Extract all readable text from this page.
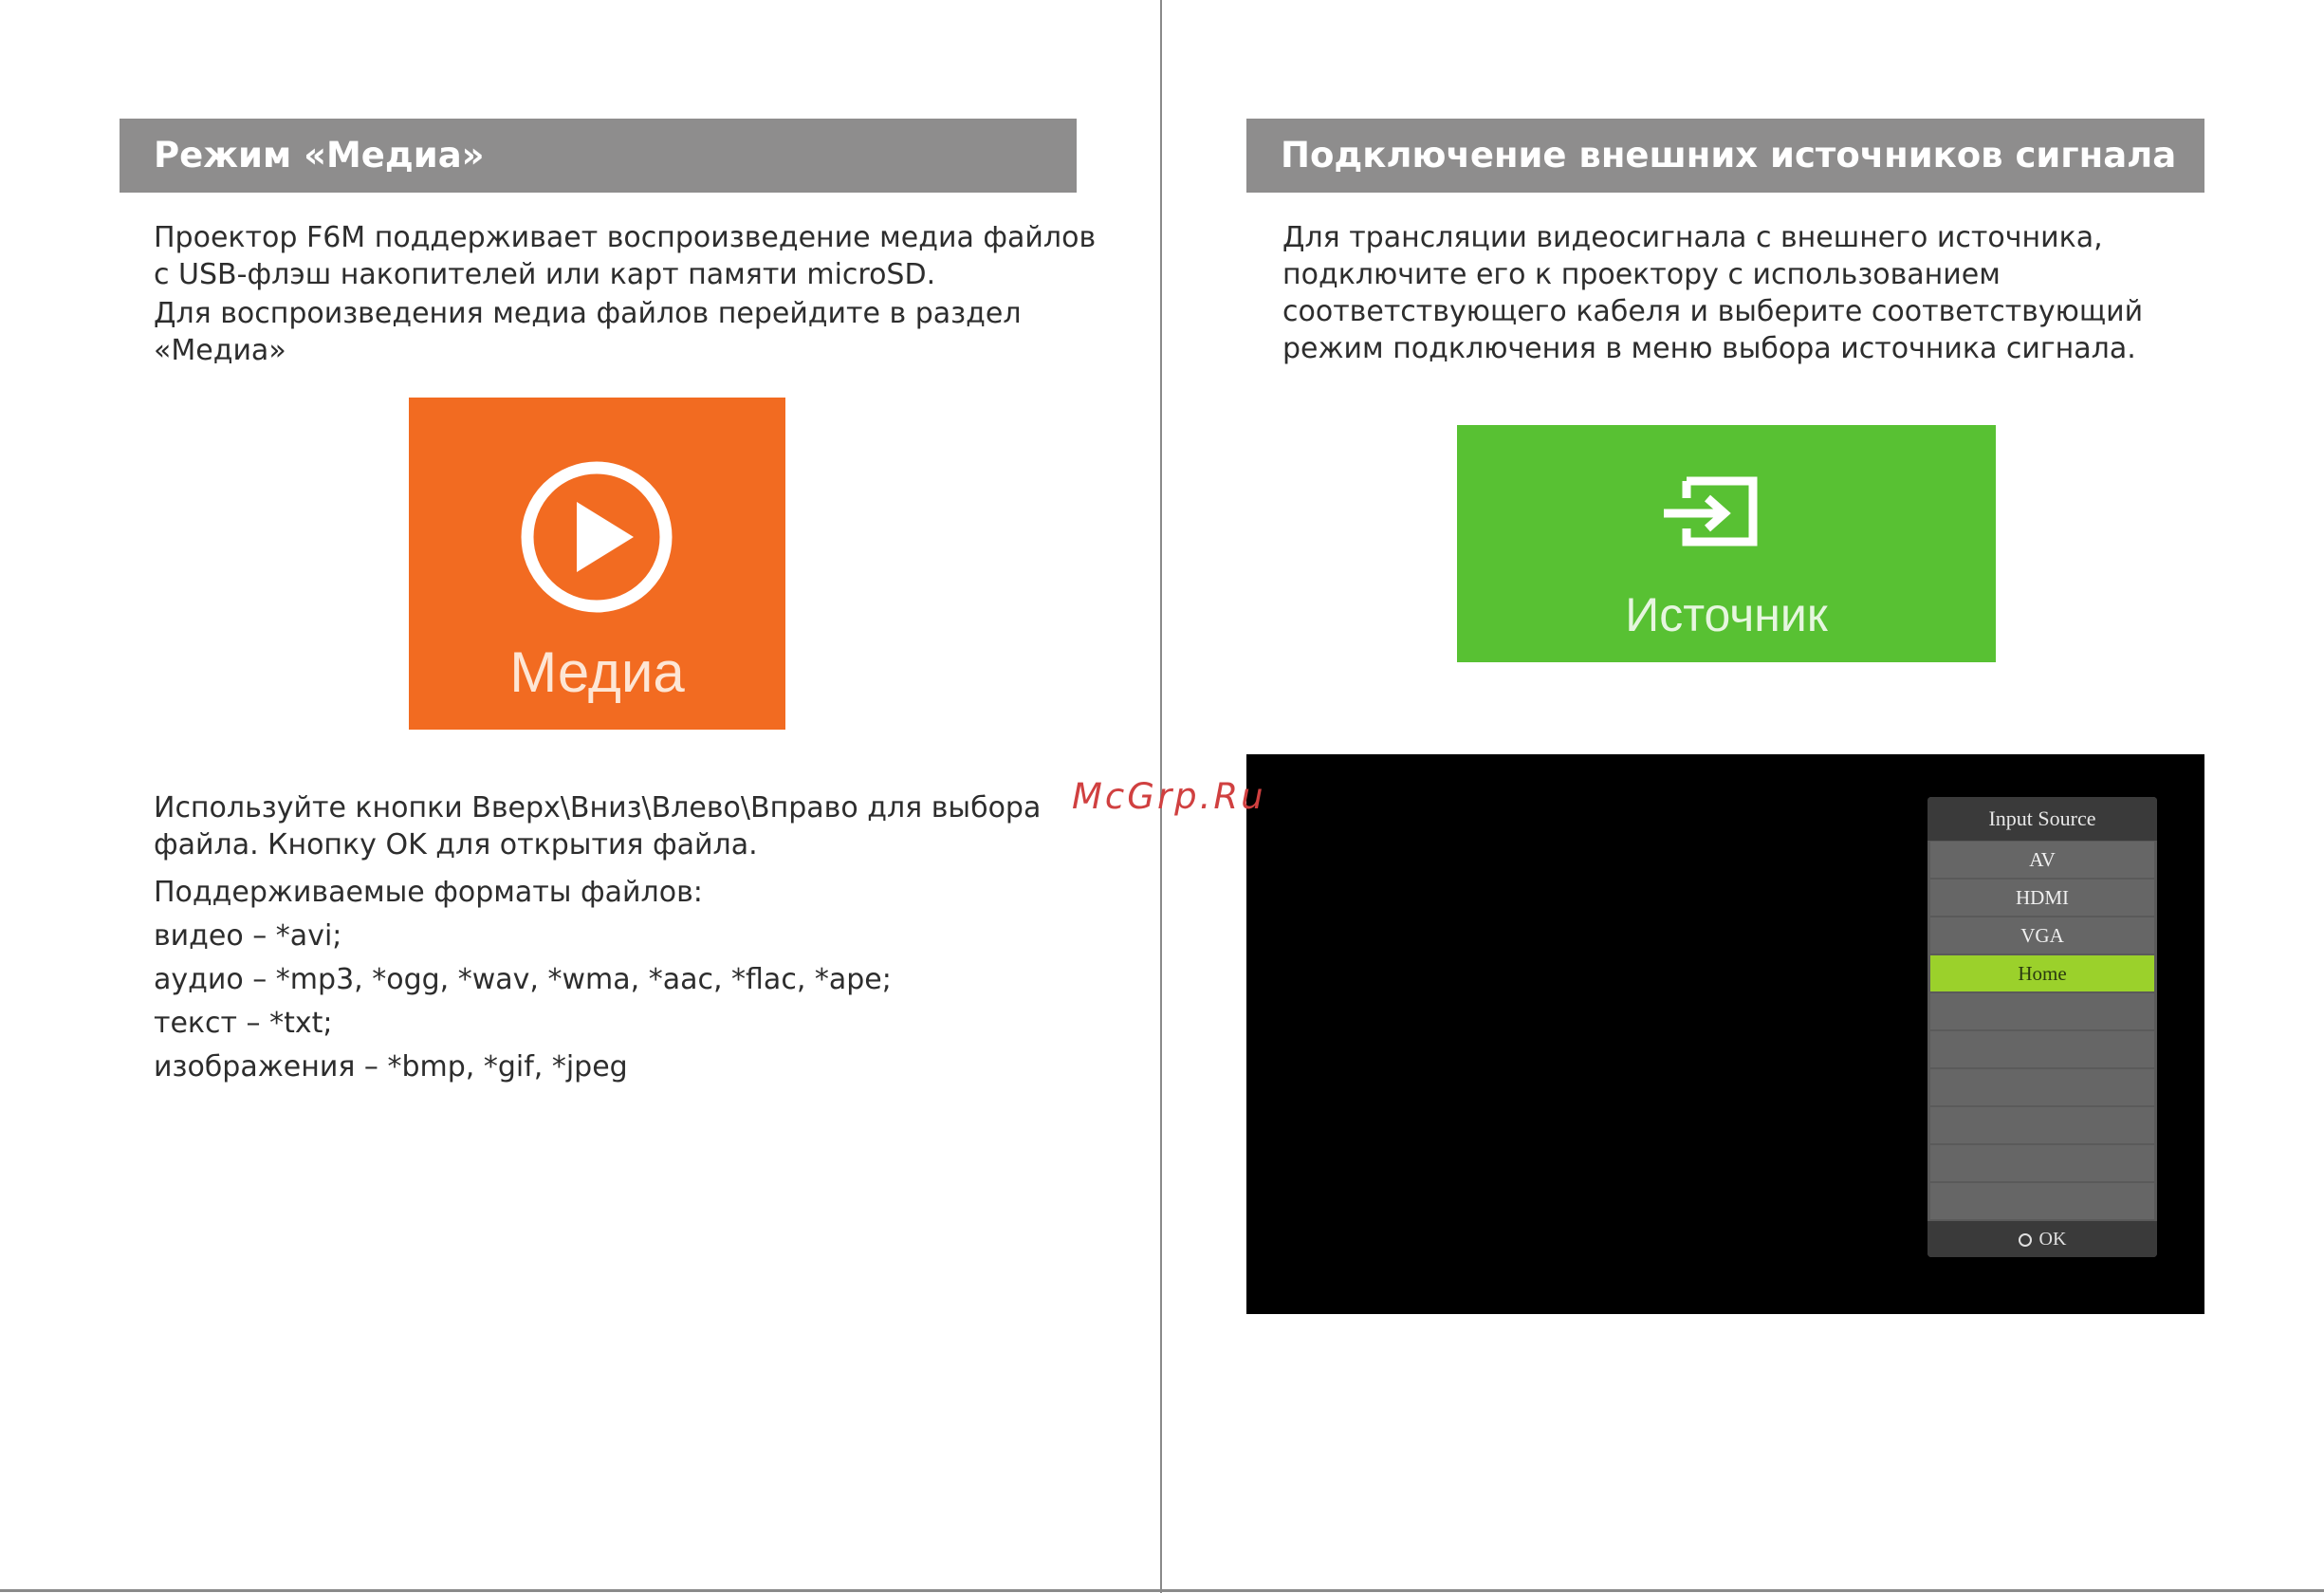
Режим «Медиа»
Проектор F6M поддерживает воспроизведение медиа файлов
с USB-флэш накопителей или карт памяти microSD.
Для воспроизведения медиа файлов перейдите в раздел
«Медиа»
Медиа
Используйте кнопки Вверх\Вниз\Влево\Вправо для выбора
файла. Кнопку OK для открытия файла.
Поддерживаемые форматы файлов:
видео – *avi;
аудио – *mp3, *ogg, *wav, *wma, *aac, *flac, *ape;
текст – *txt;
изображения – *bmp, *gif, *jpeg
Подключение внешних источников сигнала
Для трансляции видеосигнала с внешнего источника,
подключите его к проектору с использованием
соответствующего кабеля и выберите соответствующий
режим подключения в меню выбора источника сигнала.
Источник
Input Source
AV
HDMI
VGA
Home
OK
McGrp.Ru
